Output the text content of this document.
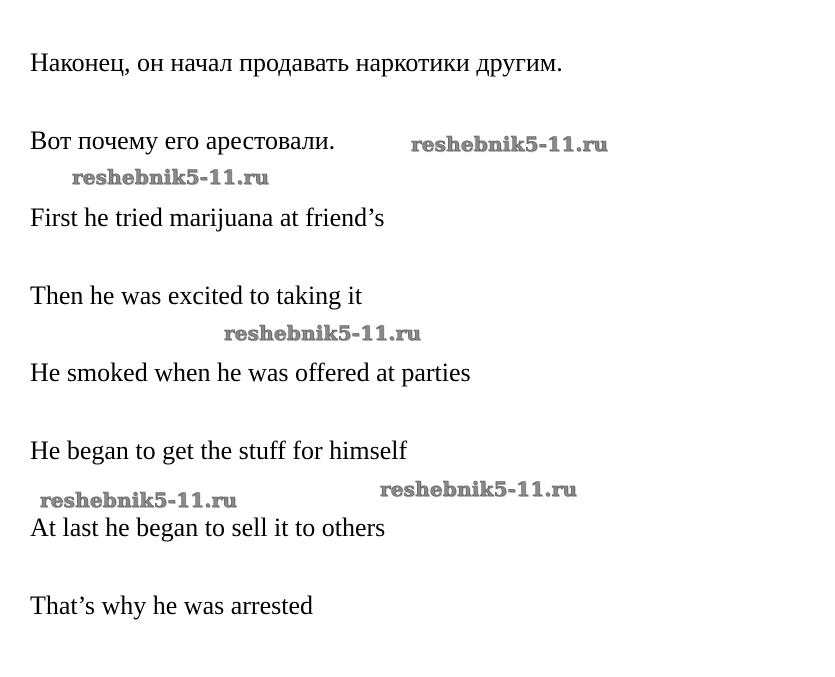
Наконец, он начал продавать наркотики другим.

Вот почему его арестовали.

First he tried marijuana at friend’s

Then he was excited to taking it

He smoked when he was offered at parties

He began to get the stuff for himself

At last he began to sell it to others

That’s why he was arrested

reshebnik5-11.ru
reshebnik5-11.ru
reshebnik5-11.ru
reshebnik5-11.ru
reshebnik5-11.ru
